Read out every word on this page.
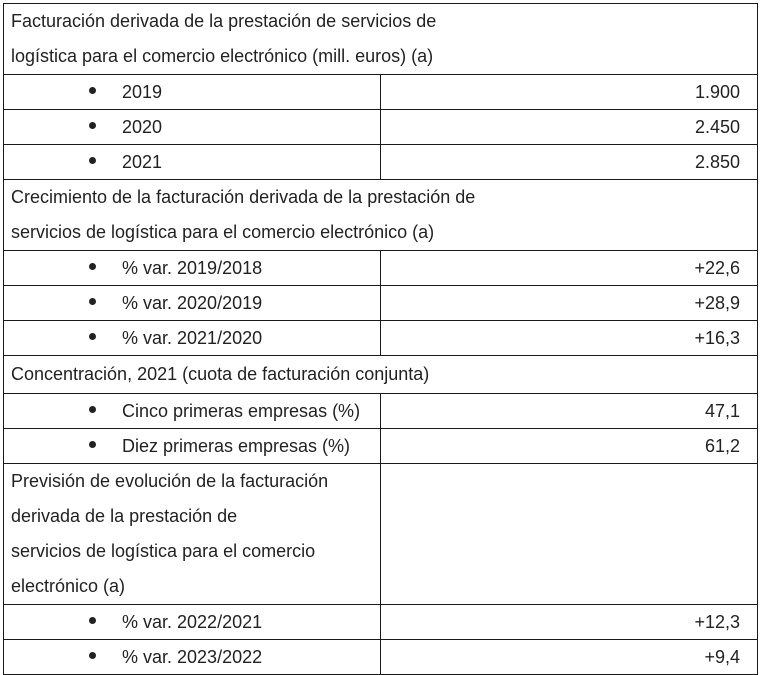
Facturación derivada de la prestación de servicios de
logística para el comercio electrónico (mill. euros) (a)	

2019	1.900
2020	2.450
2021	2.850

Crecimiento de la facturación derivada de la prestación de
servicios de logística para el comercio electrónico (a)	

% var. 2019/2018	+22,6
% var. 2020/2019	+28,9
% var. 2021/2020	+16,3

Concentración, 2021 (cuota de facturación conjunta)	

Cinco primeras empresas (%)	47,1
Diez primeras empresas (%)	61,2

Previsión de evolución de la facturación derivada de la prestación de
servicios de logística para el comercio electrónico (a)	

% var. 2022/2021	+12,3
% var. 2023/2022	+9,4
